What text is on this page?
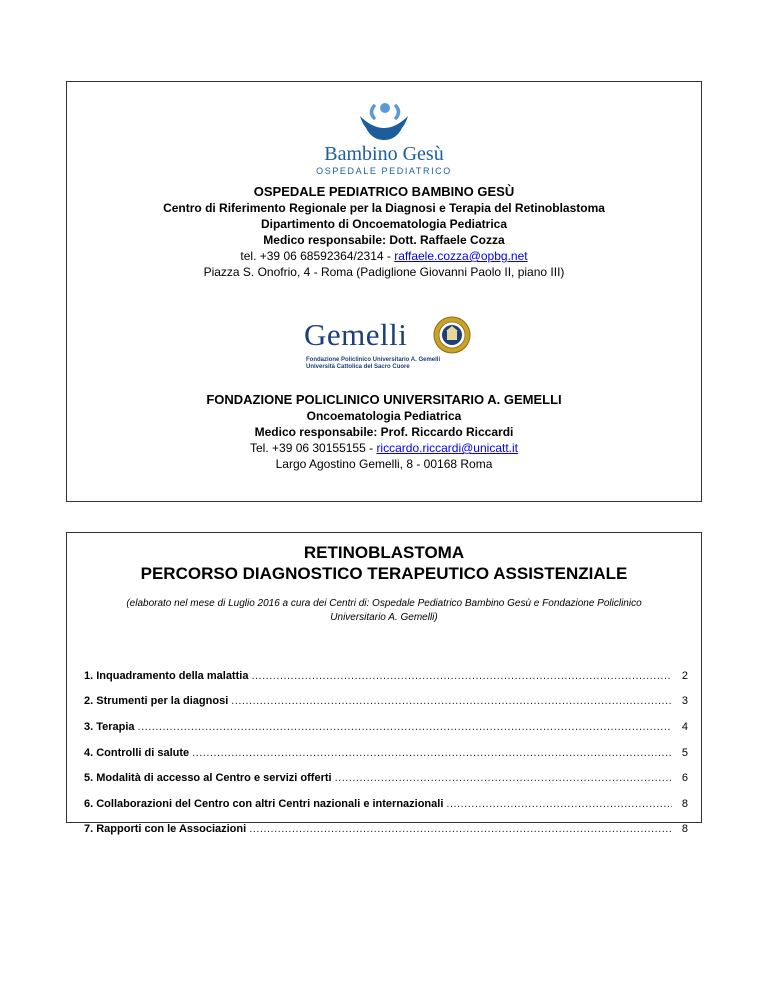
Bambino Gesù
OSPEDALE PEDIATRICO
OSPEDALE PEDIATRICO BAMBINO GESÙ
Centro di Riferimento Regionale per la Diagnosi e Terapia del Retinoblastoma
Dipartimento di Oncoematologia Pediatrica
Medico responsabile: Dott. Raffaele Cozza
tel. +39 06 68592364/2314 - raffaele.cozza@opbg.net
Piazza S. Onofrio, 4 - Roma (Padiglione Giovanni Paolo II, piano III)
Gemelli
Fondazione Policlinico Universitario A. Gemelli
Università Cattolica del Sacro Cuore
FONDAZIONE POLICLINICO UNIVERSITARIO A. GEMELLI
Oncoematologia Pediatrica
Medico responsabile: Prof. Riccardo Riccardi
Tel. +39 06 30155155 - riccardo.riccardi@unicatt.it
Largo Agostino Gemelli, 8 - 00168 Roma
RETINOBLASTOMA
PERCORSO DIAGNOSTICO TERAPEUTICO ASSISTENZIALE
(elaborato nel mese di Luglio 2016 a cura dei Centri di: Ospedale Pediatrico Bambino Gesù e Fondazione Policlinico Universitario A. Gemelli)
1. Inquadramento della malattia .....	2
2. Strumenti per la diagnosi .....	3
3. Terapia .....	4
4. Controlli di salute .....	5
5. Modalità di accesso al Centro e servizi offerti .....	6
6. Collaborazioni del Centro con altri Centri nazionali e internazionali .....	8
7. Rapporti con le Associazioni .....	8
